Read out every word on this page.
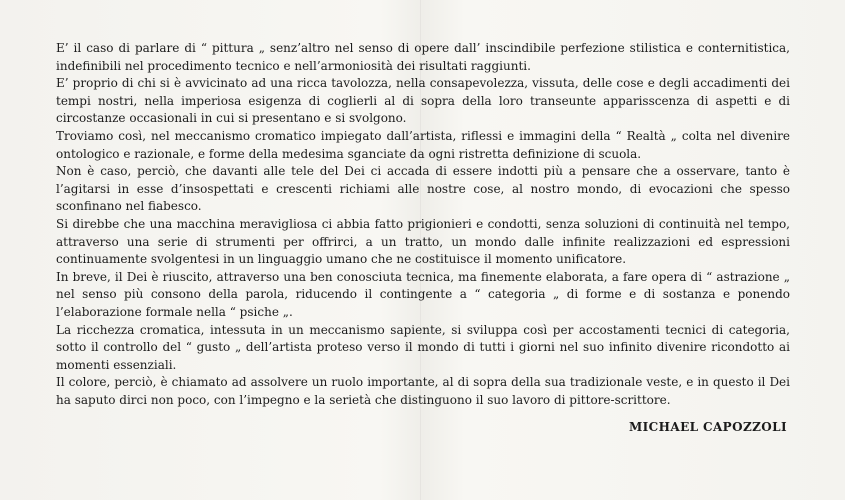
E’ il caso di parlare di “ pittura „ senz’altro nel senso di opere dall’ inscindibile perfezione stilistica e conternitistica, indefinibili nel procedimento tecnico e nell’armoniosità dei risultati raggiunti.

E’ proprio di chi si è avvicinato ad una ricca tavolozza, nella consapevolezza, vissuta, delle cose e degli accadimenti dei tempi nostri, nella imperiosa esigenza di coglierli al di sopra della loro transeunte apparisscenza di aspetti e di circostanze occasionali in cui si presentano e si svolgono.

Troviamo così, nel meccanismo cromatico impiegato dall’artista, riflessi e immagini della “ Realtà „ colta nel divenire ontologico e razionale, e forme della medesima sganciate da ogni ristretta definizione di scuola.

Non è caso, perciò, che davanti alle tele del Dei ci accada di essere indotti più a pensare che a osservare, tanto è l’agitarsi in esse d’insospettati e crescenti richiami alle nostre cose, al nostro mondo, di evocazioni che spesso sconfinano nel fiabesco.

Si direbbe che una macchina meravigliosa ci abbia fatto prigionieri e condotti, senza soluzioni di continuità nel tempo, attraverso una serie di strumenti per offrirci, a un tratto, un mondo dalle infinite realizzazioni ed espressioni continuamente svolgentesi in un linguaggio umano che ne costituisce il momento unificatore.

In breve, il Dei è riuscito, attraverso una ben conosciuta tecnica, ma finemente elaborata, a fare opera di “ astrazione „ nel senso più consono della parola, riducendo il contingente a “ categoria „ di forme e di sostanza e ponendo l’elaborazione formale nella “ psiche „.

La ricchezza cromatica, intessuta in un meccanismo sapiente, si sviluppa così per accostamenti tecnici di categoria, sotto il controllo del “ gusto „ dell’artista proteso verso il mondo di tutti i giorni nel suo infinito divenire ricondotto ai momenti essenziali.

Il colore, perciò, è chiamato ad assolvere un ruolo importante, al di sopra della sua tradizionale veste, e in questo il Dei ha saputo dirci non poco, con l’impegno e la serietà che distinguono il suo lavoro di pittore-scrittore.

MICHAEL CAPOZZOLI
